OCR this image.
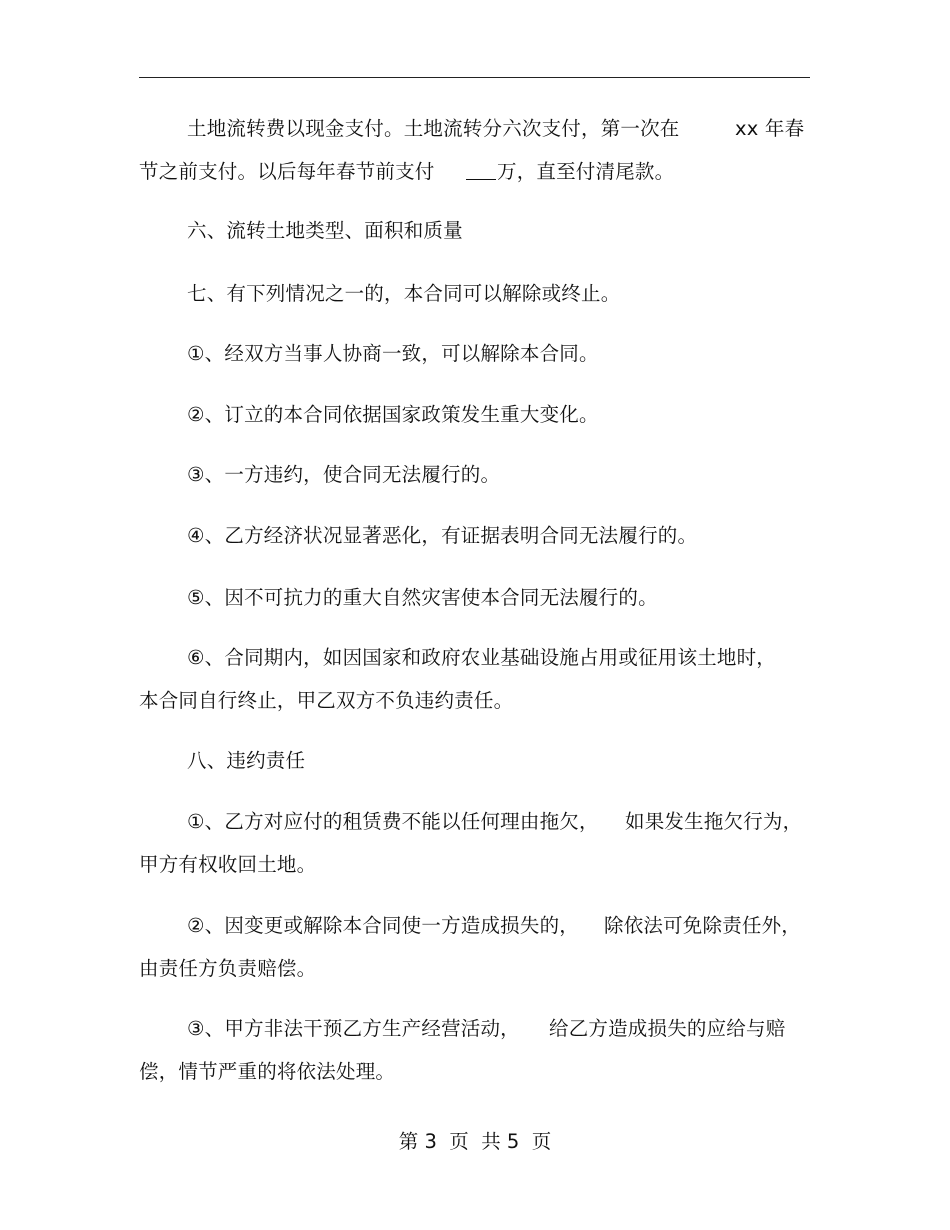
土地流转费以现金支付。土地流转分六次支付，第一次在	xx 年春
节之前支付。以后每年春节前支付	万，直至付清尾款。
六、流转土地类型、面积和质量
七、有下列情况之一的，本合同可以解除或终止。
①、经双方当事人协商一致，可以解除本合同。
②、订立的本合同依据国家政策发生重大变化。
③、一方违约，使合同无法履行的。
④、乙方经济状况显著恶化，有证据表明合同无法履行的。
⑤、因不可抗力的重大自然灾害使本合同无法履行的。
⑥、合同期内，如因国家和政府农业基础设施占用或征用该土地时，
本合同自行终止，甲乙双方不负违约责任。
八、违约责任
①、乙方对应付的租赁费不能以任何理由拖欠， 如果发生拖欠行为，
甲方有权收回土地。
②、因变更或解除本合同使一方造成损失的， 除依法可免除责任外，
由责任方负责赔偿。
③、甲方非法干预乙方生产经营活动， 给乙方造成损失的应给与赔
偿，情节严重的将依法处理。
第 3  页  共 5  页
